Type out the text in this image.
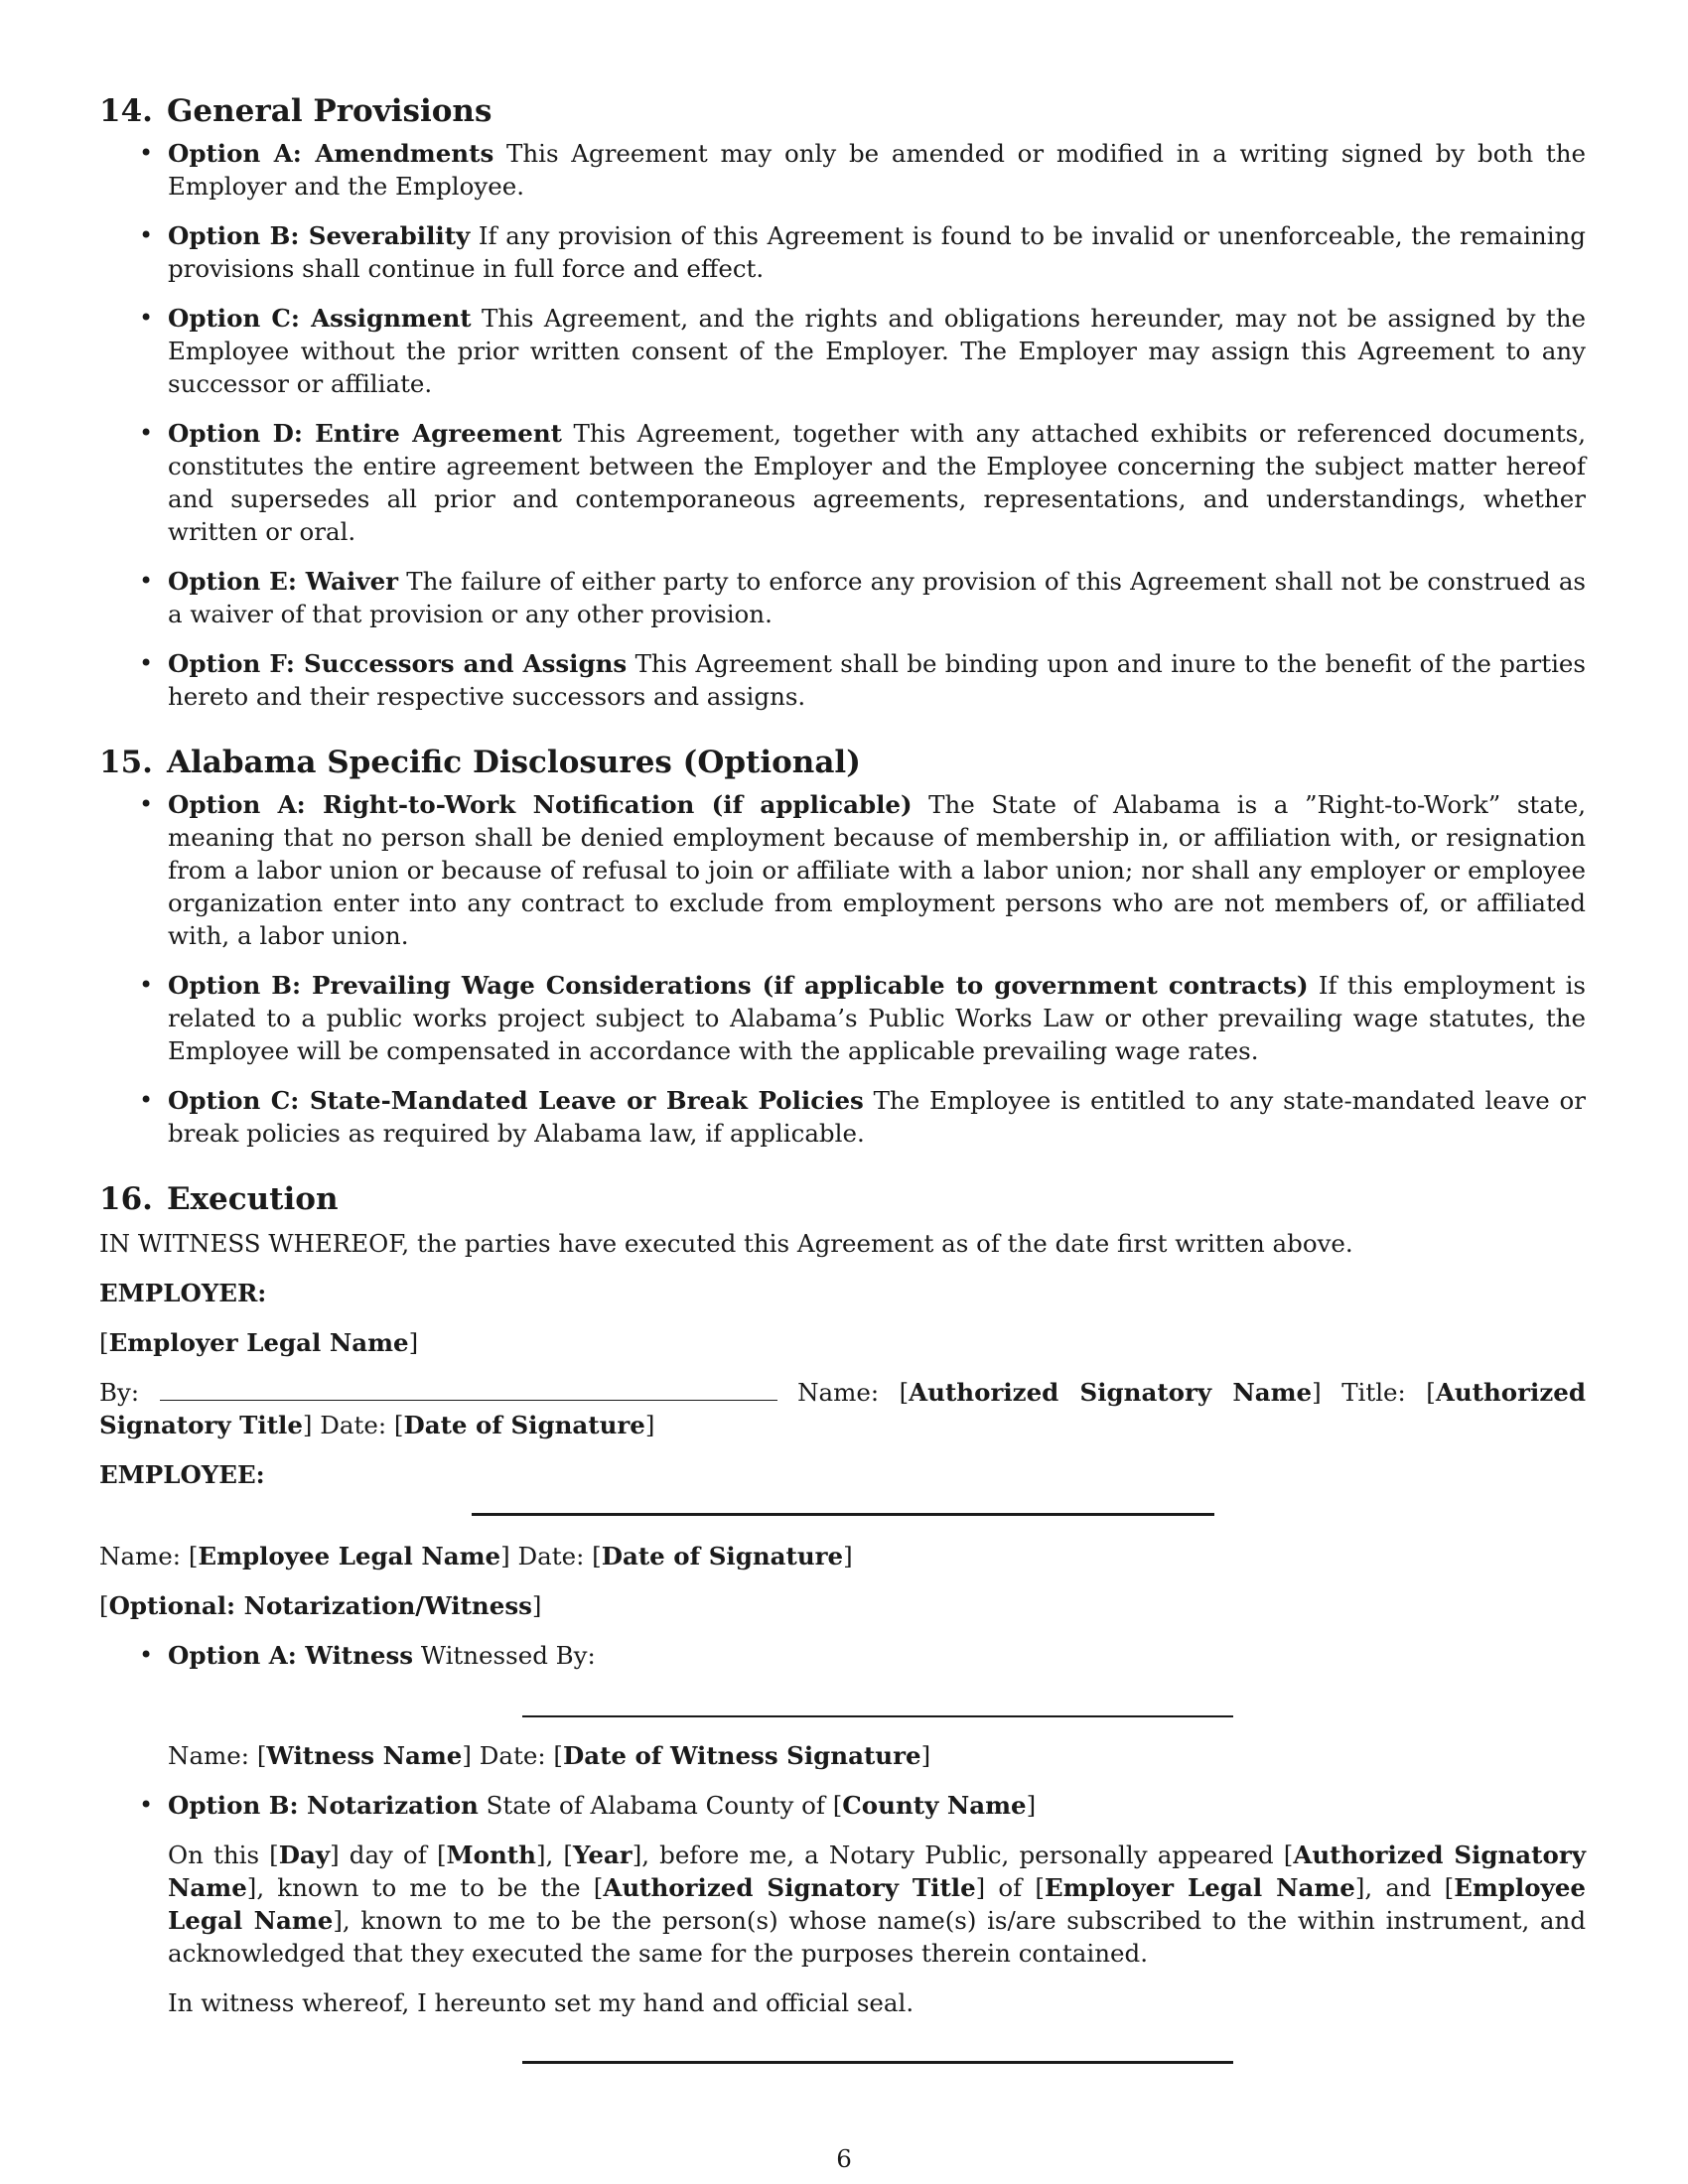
14. General Provisions
• Option A: Amendments This Agreement may only be amended or modified in a writing signed by both the Employer and the Employee.
• Option B: Severability If any provision of this Agreement is found to be invalid or unenforceable, the remaining provisions shall continue in full force and effect.
• Option C: Assignment This Agreement, and the rights and obligations hereunder, may not be assigned by the Employee without the prior written consent of the Employer. The Employer may assign this Agreement to any successor or affiliate.
• Option D: Entire Agreement This Agreement, together with any attached exhibits or referenced documents, constitutes the entire agreement between the Employer and the Employee concerning the subject matter hereof and supersedes all prior and contemporaneous agreements, representations, and understandings, whether written or oral.
• Option E: Waiver The failure of either party to enforce any provision of this Agreement shall not be construed as a waiver of that provision or any other provision.
• Option F: Successors and Assigns This Agreement shall be binding upon and inure to the benefit of the parties hereto and their respective successors and assigns.
15. Alabama Specific Disclosures (Optional)
• Option A: Right-to-Work Notification (if applicable) The State of Alabama is a ”Right-to-Work” state, meaning that no person shall be denied employment because of membership in, or affiliation with, or resignation from a labor union or because of refusal to join or affiliate with a labor union; nor shall any employer or employee organization enter into any contract to exclude from employment persons who are not members of, or affiliated with, a labor union.
• Option B: Prevailing Wage Considerations (if applicable to government contracts) If this employment is related to a public works project subject to Alabama’s Public Works Law or other prevailing wage statutes, the Employee will be compensated in accordance with the applicable prevailing wage rates.
• Option C: State-Mandated Leave or Break Policies The Employee is entitled to any state-mandated leave or break policies as required by Alabama law, if applicable.
16. Execution

IN WITNESS WHEREOF, the parties have executed this Agreement as of the date first written above.

EMPLOYER:

[Employer Legal Name]

By:	Name: [Authorized Signatory Name] Title: [Authorized Signatory Title] Date: [Date of Signature]

EMPLOYEE:

Name: [Employee Legal Name] Date: [Date of Signature]

[Optional: Notarization/Witness]

• Option A: Witness Witnessed By:
Name: [Witness Name] Date: [Date of Witness Signature]
• Option B: Notarization State of Alabama County of [County Name]
On this [Day] day of [Month], [Year], before me, a Notary Public, personally appeared [Authorized Signatory Name], known to me to be the [Authorized Signatory Title] of [Employer Legal Name], and [Employee Legal Name], known to me to be the person(s) whose name(s) is/are subscribed to the within instrument, and acknowledged that they executed the same for the purposes therein contained.
In witness whereof, I hereunto set my hand and official seal.
6
